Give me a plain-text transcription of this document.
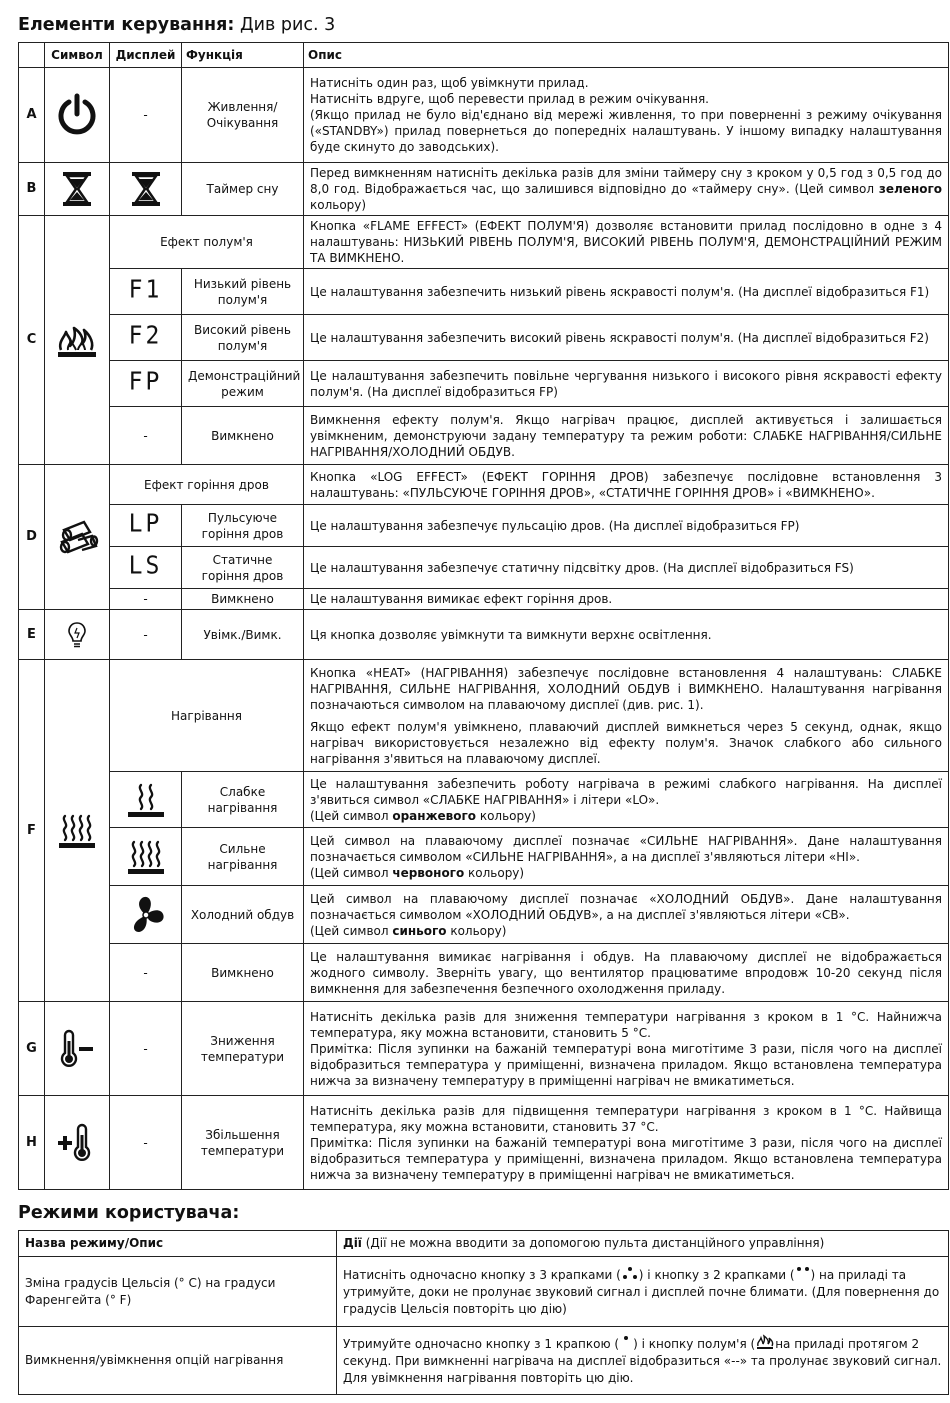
Елементи керування: Див рис. 3
	Символ	Дисплей	Функція	Опис
A		-	Живлення/ Очікування	Натисніть один раз, щоб увімкнути прилад.

Натисніть вдруге, щоб перевести прилад в режим очікування.

(Якщо прилад не було від'єднано від мережі живлення, то при поверненні з режиму очікування («STANDBY») прилад повернеться до попередніх налаштувань. У іншому випадку налаштування буде скинуто до заводських).

B			Таймер сну	Перед вимкненням натисніть декілька разів для зміни таймеру сну з кроком у 0,5 год з 0,5 год до 8,0 год. Відображається час, що залишився відповідно до «таймеру сну». (Цей символ зеленого кольору)
C		Ефект полум'я		Кнопка «FLAME EFFECT» (ЕФЕКТ ПОЛУМ'Я) дозволяє встановити прилад послідовно в одне з 4 налаштувань: НИЗЬКИЙ РІВЕНЬ ПОЛУМ'Я, ВИСОКИЙ РІВЕНЬ ПОЛУМ'Я, ДЕМОНСТРАЦІЙНИЙ РЕЖИМ ТА ВИМКНЕНО.
		F1	Низький рівень полум'я	Це налаштування забезпечить низький рівень яскравості полум'я. (На дисплеї відобразиться F1)
		F2	Високий рівень полум'я	Це налаштування забезпечить високий рівень яскравості полум'я. (На дисплеї відобразиться F2)
		FP	Демонстраційний режим	Це налаштування забезпечить повільне чергування низького і високого рівня яскравості ефекту полум'я. (На дисплеї відобразиться FP)
		-	Вимкнено	Вимкнення ефекту полум'я. Якщо нагрівач працює, дисплей активується і залишається увімкненим, демонструючи задану температуру та режим роботи: СЛАБКЕ НАГРІВАННЯ/СИЛЬНЕ НАГРІВАННЯ/ХОЛОДНИЙ ОБДУВ.
D		Ефект горіння дров		Кнопка «LOG EFFECT» (ЕФЕКТ ГОРІННЯ ДРОВ) забезпечує послідовне встановлення 3 налаштувань: «ПУЛЬСУЮЧЕ ГОРІННЯ ДРОВ», «СТАТИЧНЕ ГОРІННЯ ДРОВ» і «ВИМКНЕНО».
		LP	Пульсуюче горіння дров	Це налаштування забезпечує пульсацію дров. (На дисплеї відобразиться FP)
		LS	Статичне горіння дров	Це налаштування забезпечує статичну підсвітку дров. (На дисплеї відобразиться FS)
		-	Вимкнено	Це налаштування вимикає ефект горіння дров.
E		-	Увімк./Вимк.	Ця кнопка дозволяє увімкнути та вимкнути верхнє освітлення.
F		Нагрівання		Кнопка «HEAT» (НАГРІВАННЯ) забезпечує послідовне встановлення 4 налаштувань: СЛАБКЕ НАГРІВАННЯ, СИЛЬНЕ НАГРІВАННЯ, ХОЛОДНИЙ ОБДУВ і ВИМКНЕНО. Налаштування нагрівання позначаються символом на плаваючому дисплеї (див. рис. 1).

Якщо ефект полум'я увімкнено, плаваючий дисплей вимкнеться через 5 секунд, однак, якщо нагрівач використовується незалежно від ефекту полум'я. Значок слабкого або сильного нагрівання з'явиться на плаваючому дисплеї.

	Слабке нагрівання	Це налаштування забезпечить роботу нагрівача в режимі слабкого нагрівання. На дисплеї з'явиться символ «СЛАБКЕ НАГРІВАННЯ» і літери «LO».

(Цей символ оранжевого кольору)

	Сильне нагрівання	Цей символ на плаваючому дисплеї позначає «СИЛЬНЕ НАГРІВАННЯ». Дане налаштування позначається символом «СИЛЬНЕ НАГРІВАННЯ», а на дисплеї з'являються літери «HI».

(Цей символ червоного кольору)

	Холодний обдув	Цей символ на плаваючому дисплеї позначає «ХОЛОДНИЙ ОБДУВ». Дане налаштування позначається символом «ХОЛОДНИЙ ОБДУВ», а на дисплеї з'являються літери «CB».

(Цей символ синього кольору)

		-	Вимкнено	Це налаштування вимикає нагрівання і обдув. На плаваючому дисплеї не відображається жодного символу. Зверніть увагу, що вентилятор працюватиме впродовж 10-20 секунд після вимкнення для забезпечення безпечного охолодження приладу.
G		-	Зниження температури	Натисніть декілька разів для зниження температури нагрівання з кроком в 1 °С. Найнижча температура, яку можна встановити, становить 5 °С.

Примітка: Після зупинки на бажаній температурі вона миготітиме 3 рази, після чого на дисплеї відобразиться температура у приміщенні, визначена приладом. Якщо встановлена температура нижча за визначену температуру в приміщенні нагрівач не вмикатиметься.

H		-	Збільшення температури	Натисніть декілька разів для підвищення температури нагрівання з кроком в 1 °С. Найвища температура, яку можна встановити, становить 37 °С.

Примітка: Після зупинки на бажаній температурі вона миготітиме 3 рази, після чого на дисплеї відобразиться температура у приміщенні, визначена приладом. Якщо встановлена температура нижча за визначену температуру в приміщенні нагрівач не вмикатиметься.

Режими користувача:
Назва режиму/Опис	Дії (Дії не можна вводити за допомогою пульта дистанційного управління)
Зміна градусів Цельсія (° С) на градуси Фаренгейта (° F)	Натисніть одночасно кнопку з 3 крапками ( ) і кнопку з 2 крапками ( ) на приладі та утримуйте, доки не пролунає звуковий сигнал і дисплей почне блимати. (Для повернення до градусів Цельсія повторіть цю дію)
Вимкнення/увімкнення опцій нагрівання	Утримуйте одночасно кнопку з 1 крапкою ( ) і кнопку полум'я ( на приладі протягом 2 секунд. При вимкненні нагрівача на дисплеї відобразиться «--» та пролунає звуковий сигнал. Для увімкнення нагрівання повторіть цю дію.
